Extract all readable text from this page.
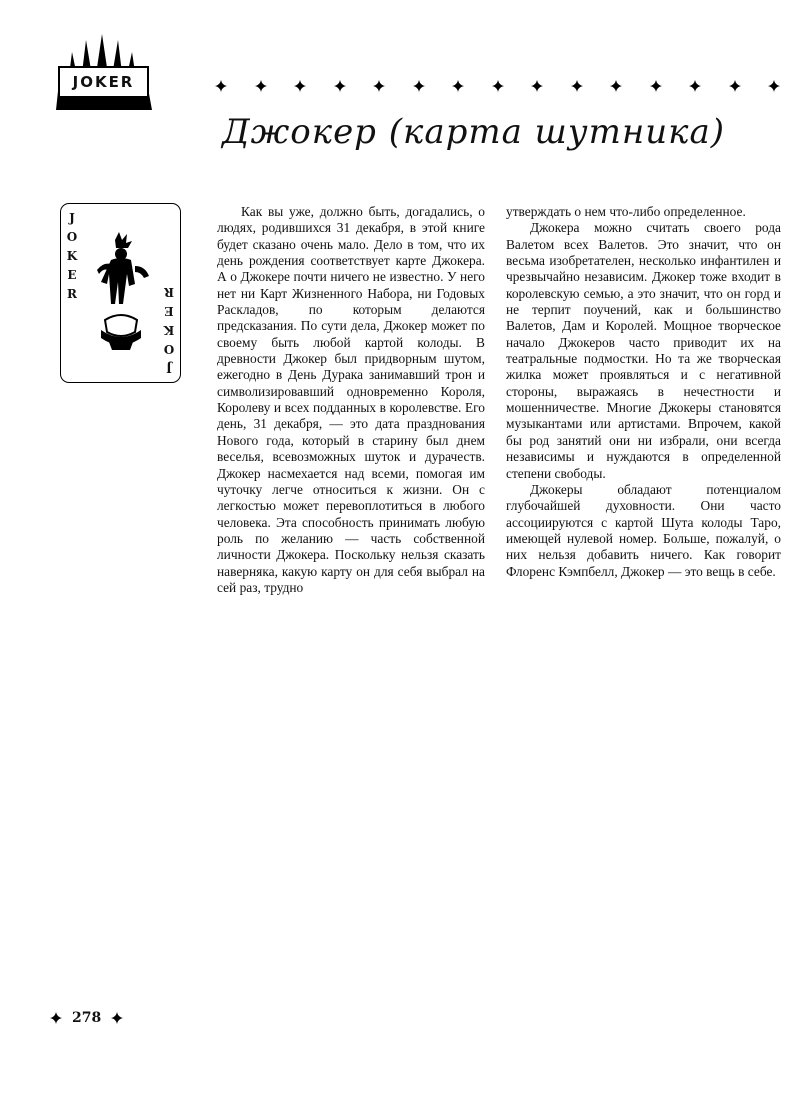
JOKER
Джокер (карта шутника)
J
O
K
E
R
J
O
K
E
R

Как вы уже, должно быть, догадались, о людях, родившихся 31 декабря, в этой книге будет сказано очень мало. Дело в том, что их день рождения соответствует карте Джокера. А о Джокере почти ничего не известно. У него нет ни Карт Жизненного Набора, ни Годовых Раскладов, по которым делаются предсказания. По сути дела, Джокер может по своему быть любой картой колоды. В древности Джокер был придворным шутом, ежегодно в День Дурака занимавший трон и символизировавший одновременно Короля, Королеву и всех подданных в королевстве. Его день, 31 декабря, — это дата празднования Нового года, который в старину был днем веселья, всевозможных шуток и дурачеств. Джокер насмехается над всеми, помогая им чуточку легче относиться к жизни. Он с легкостью может перевоплотиться в любого человека. Эта способность принимать любую роль по желанию — часть собственной личности Джокера. Поскольку нельзя сказать наверняка, какую карту он для себя выбрал на сей раз, трудно

утверждать о нем что-либо определенное.

Джокера можно считать своего рода Валетом всех Валетов. Это значит, что он весьма изобретателен, несколько инфантилен и чрезвычайно независим. Джокер тоже входит в королевскую семью, а это значит, что он горд и не терпит поучений, как и большинство Валетов, Дам и Королей. Мощное творческое начало Джокеров часто приводит их на театральные подмостки. Но та же творческая жилка может проявляться и с негативной стороны, выражаясь в нечестности и мошенничестве. Многие Джокеры становятся музыкантами или артистами. Впрочем, какой бы род занятий они ни избрали, они всегда независимы и нуждаются в определенной степени свободы.

Джокеры обладают потенциалом глубочайшей духовности. Они часто ассоциируются с картой Шута колоды Таро, имеющей нулевой номер. Больше, пожалуй, о них нельзя добавить ничего. Как говорит Флоренс Кэмпбелл, Джокер — это вещь в себе.

278
